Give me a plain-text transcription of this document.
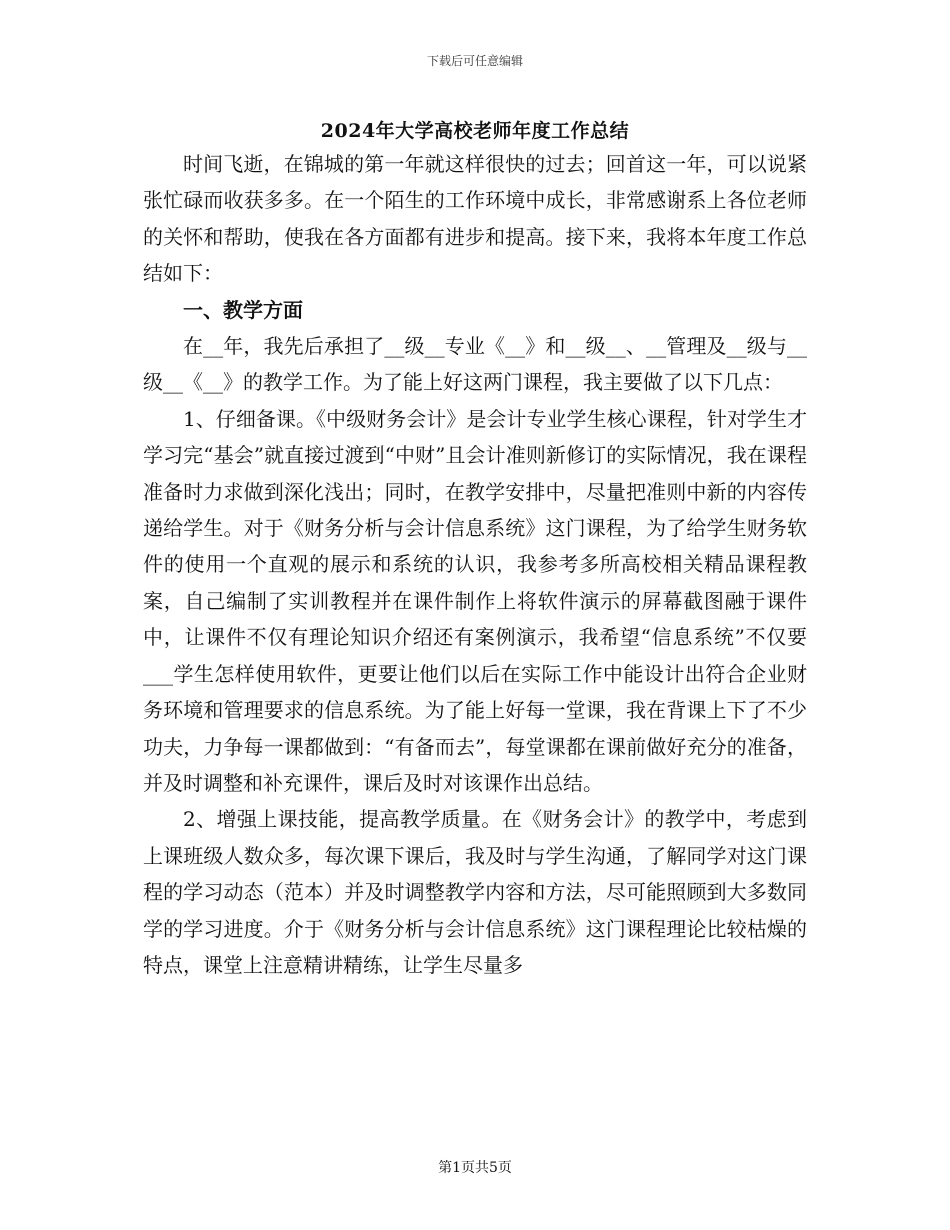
下载后可任意编辑
2024年大学高校老师年度工作总结

时间飞逝，在锦城的第一年就这样很快的过去；回首这一年，可以说紧张忙碌而收获多多。在一个陌生的工作环境中成长，非常感谢系上各位老师的关怀和帮助，使我在各方面都有进步和提高。接下来，我将本年度工作总结如下：

一、教学方面

在__年，我先后承担了__级__专业《__》和__级__、__管理及__级与__级__《__》的教学工作。为了能上好这两门课程，我主要做了以下几点：

1、仔细备课。《中级财务会计》是会计专业学生核心课程，针对学生才学习完“基会”就直接过渡到“中财”且会计准则新修订的实际情况，我在课程准备时力求做到深化浅出；同时，在教学安排中，尽量把准则中新的内容传递给学生。对于《财务分析与会计信息系统》这门课程，为了给学生财务软件的使用一个直观的展示和系统的认识，我参考多所高校相关精品课程教案，自己编制了实训教程并在课件制作上将软件演示的屏幕截图融于课件中，让课件不仅有理论知识介绍还有案例演示，我希望“信息系统”不仅要___学生怎样使用软件，更要让他们以后在实际工作中能设计出符合企业财务环境和管理要求的信息系统。为了能上好每一堂课，我在背课上下了不少功夫，力争每一课都做到：“有备而去”，每堂课都在课前做好充分的准备，并及时调整和补充课件，课后及时对该课作出总结。

2、增强上课技能，提高教学质量。在《财务会计》的教学中，考虑到上课班级人数众多，每次课下课后，我及时与学生沟通，了解同学对这门课程的学习动态（范本）并及时调整教学内容和方法，尽可能照顾到大多数同学的学习进度。介于《财务分析与会计信息系统》这门课程理论比较枯燥的特点，课堂上注意精讲精练，让学生尽量多

第1页共5页
